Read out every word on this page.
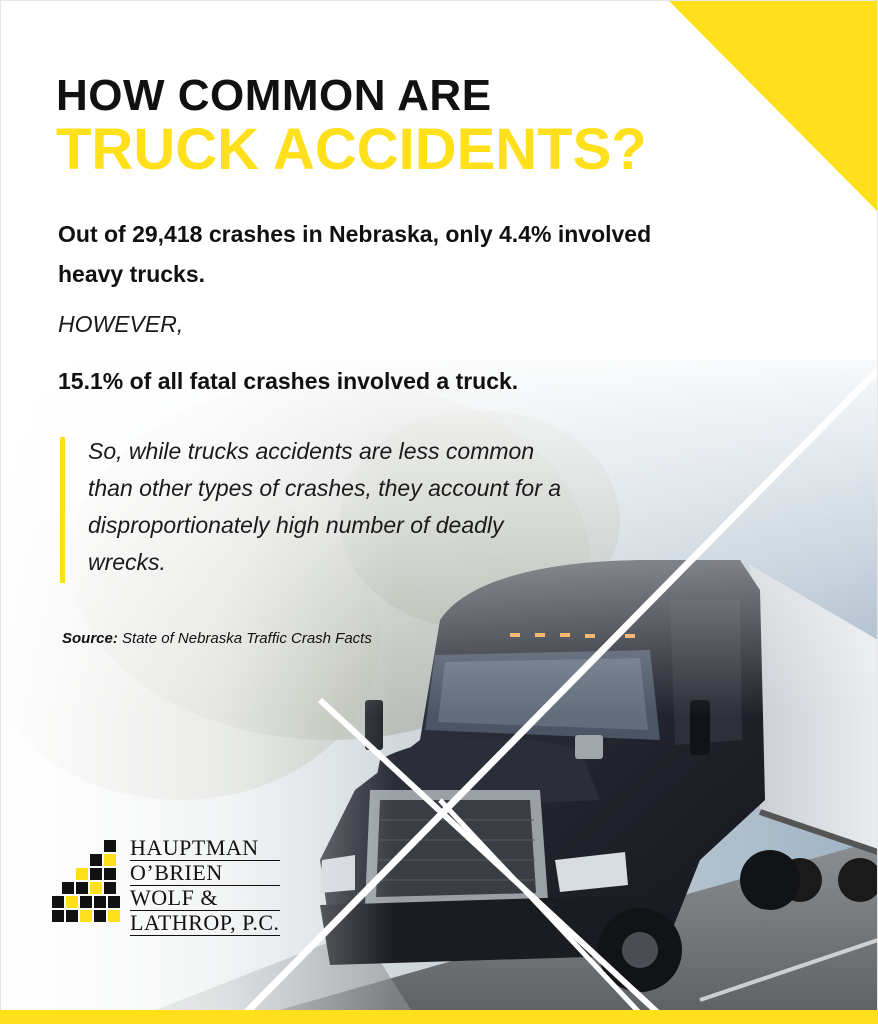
HOW COMMON ARE
TRUCK ACCIDENTS?
Out of 29,418 crashes in Nebraska, only 4.4% involved heavy trucks.
HOWEVER,
15.1% of all fatal crashes involved a truck.
So, while trucks accidents are less common than other types of crashes, they account for a disproportionately high number of deadly wrecks.
Source: State of Nebraska Traffic Crash Facts
HAUPTMAN
O’BRIEN
WOLF &
LATHROP, P.C.
